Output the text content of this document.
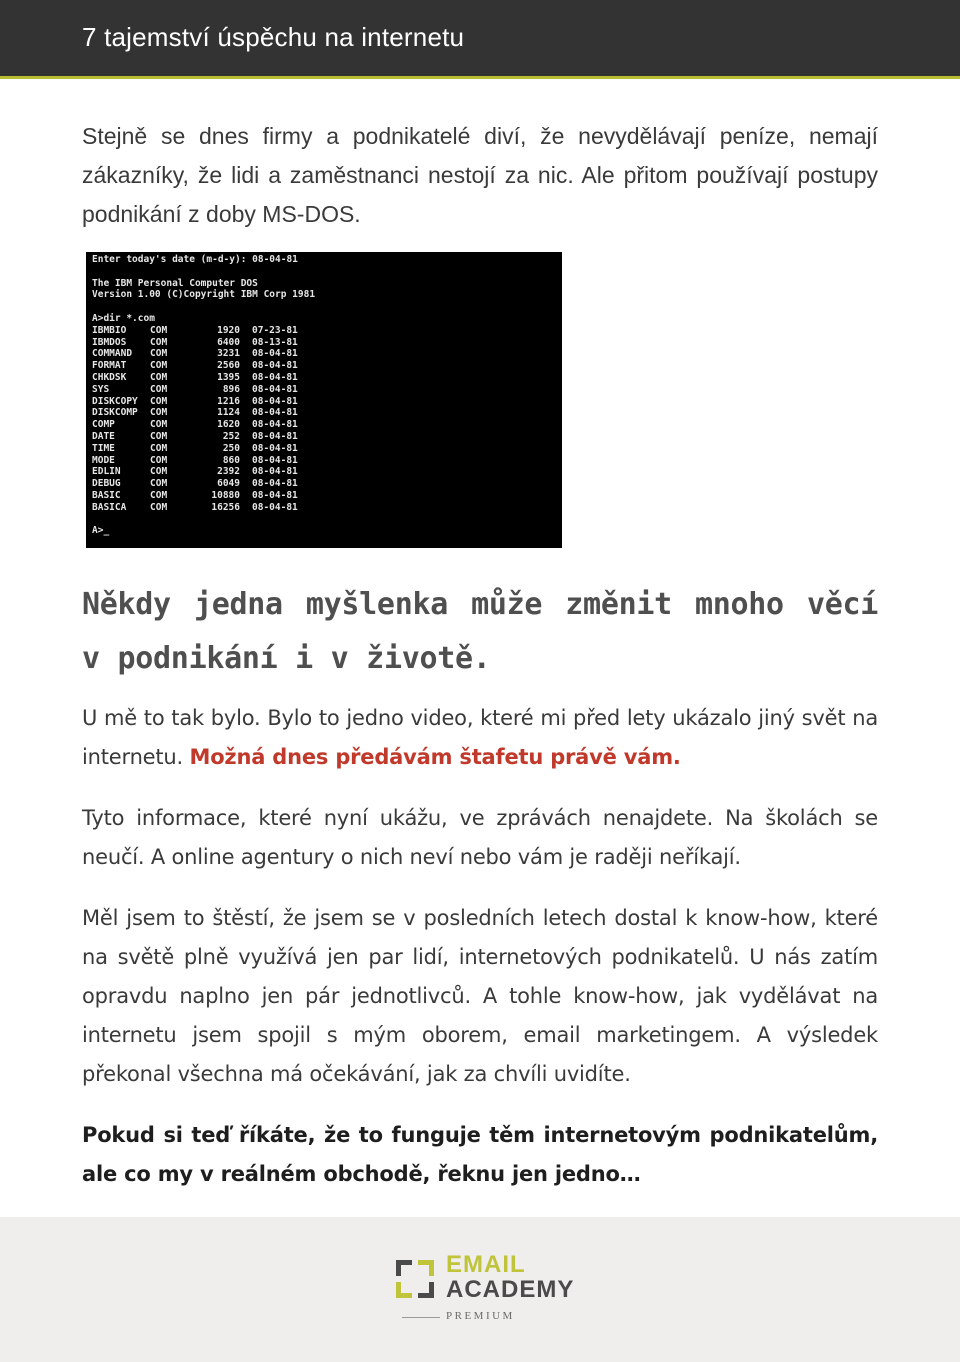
7 tajemství úspěchu na internetu
Stejně se dnes firmy a podnikatelé diví, že nevydělávají peníze, nemají zákazníky, že lidi a zaměstnanci nestojí za nic. Ale přitom používají postupy podnikání z doby MS-DOS.
Enter today's date (m-d-y): 08-04-81
The IBM Personal Computer DOS
Version 1.00 (C)Copyright IBM Corp 1981
A>dir *.com
IBMBIO COM	1920 07-23-81
IBMDOS COM	6400 08-13-81
COMMAND COM	3231 08-04-81
FORMAT COM	2560 08-04-81
CHKDSK COM	1395 08-04-81
SYS	COM	896 08-04-81
DISKCOPY COM	1216 08-04-81
DISKCOMP COM	1124 08-04-81
COMP	COM	1620 08-04-81
DATE	COM	252 08-04-81
TIME	COM	250 08-04-81
MODE	COM	860 08-04-81
EDLIN	COM	2392 08-04-81
DEBUG	COM	6049 08-04-81
BASIC	COM	10880 08-04-81
BASICA COM	16256 08-04-81
A>_
Někdy jedna myšlenka může změnit mnoho věcí v podnikání i v životě.
U mě to tak bylo. Bylo to jedno video, které mi před lety ukázalo jiný svět na internetu. Možná dnes předávám štafetu právě vám.
Tyto informace, které nyní ukážu, ve zprávách nenajdete. Na školách se neučí. A online agentury o nich neví nebo vám je raději neříkají.
Měl jsem to štěstí, že jsem se v posledních letech dostal k know-how, které na světě plně využívá jen par lidí, internetových podnikatelů. U nás zatím opravdu naplno jen pár jednotlivců. A tohle know-how, jak vydělávat na internetu jsem spojil s mým oborem, email marketingem. A výsledek překonal všechna má očekávání, jak za chvíli uvidíte.
Pokud si teď říkáte, že to funguje těm internetovým podnikatelům, ale co my v reálném obchodě, řeknu jen jedno…
EMAIL
ACADEMY
PREMIUM
